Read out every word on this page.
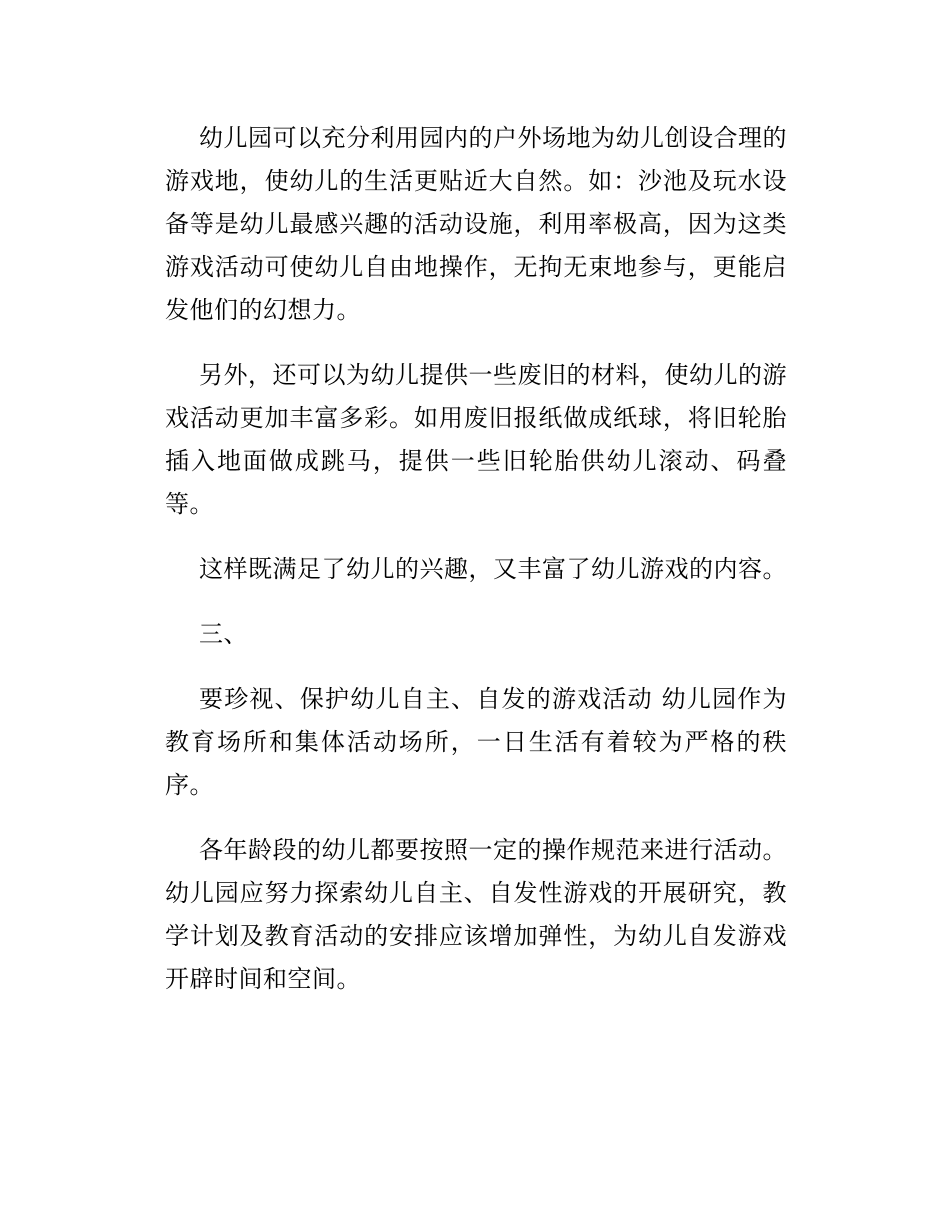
幼儿园可以充分利用园内的户外场地为幼儿创设合理的游戏地，使幼儿的生活更贴近大自然。如：沙池及玩水设备等是幼儿最感兴趣的活动设施，利用率极高，因为这类游戏活动可使幼儿自由地操作，无拘无束地参与，更能启发他们的幻想力。

另外，还可以为幼儿提供一些废旧的材料，使幼儿的游戏活动更加丰富多彩。如用废旧报纸做成纸球，将旧轮胎插入地面做成跳马，提供一些旧轮胎供幼儿滚动、码叠等。

这样既满足了幼儿的兴趣，又丰富了幼儿游戏的内容。

三、

要珍视、保护幼儿自主、自发的游戏活动 幼儿园作为教育场所和集体活动场所，一日生活有着较为严格的秩序。

各年龄段的幼儿都要按照一定的操作规范来进行活动。幼儿园应努力探索幼儿自主、自发性游戏的开展研究，教学计划及教育活动的安排应该增加弹性，为幼儿自发游戏开辟时间和空间。
